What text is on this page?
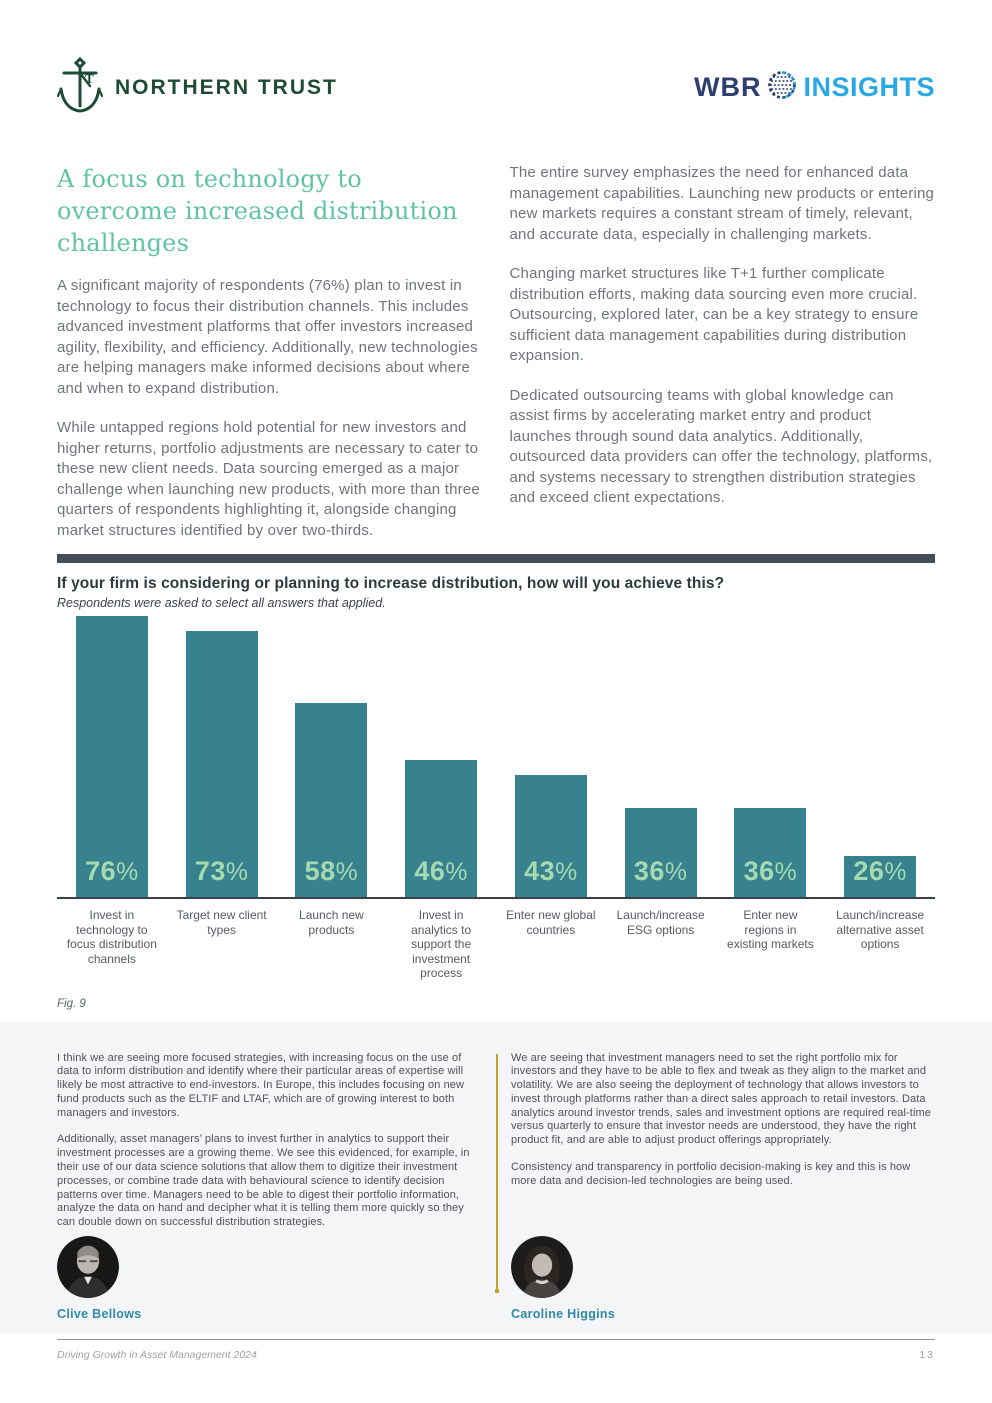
T NORTHERN TRUST	WBR INSIGHTS
A focus on technology to overcome increased distribution challenges

A significant majority of respondents (76%) plan to invest in technology to focus their distribution channels. This includes advanced investment platforms that offer investors increased agility, flexibility, and efficiency. Additionally, new technologies are helping managers make informed decisions about where and when to expand distribution.

While untapped regions hold potential for new investors and higher returns, portfolio adjustments are necessary to cater to these new client needs. Data sourcing emerged as a major challenge when launching new products, with more than three quarters of respondents highlighting it, alongside changing market structures identified by over two-thirds.

The entire survey emphasizes the need for enhanced data management capabilities. Launching new products or entering new markets requires a constant stream of timely, relevant, and accurate data, especially in challenging markets.

Changing market structures like T+1 further complicate distribution efforts, making data sourcing even more crucial. Outsourcing, explored later, can be a key strategy to ensure sufficient data management capabilities during distribution expansion.

Dedicated outsourcing teams with global knowledge can assist firms by accelerating market entry and product launches through sound data analytics. Additionally, outsourced data providers can offer the technology, platforms, and systems necessary to strengthen distribution strategies and exceed client expectations.

If your firm is considering or planning to increase distribution, how will you achieve this?

Respondents were asked to select all answers that applied.

76% 73% 58% 46% 43% 36% 36% 26%
Invest in technology to focus distribution channels
Target new client types
Launch new products
Invest in analytics to support the investment process
Enter new global countries
Launch/increase ESG options
Enter new regions in existing markets
Launch/increase alternative asset options
Fig. 9

I think we are seeing more focused strategies, with increasing focus on the use of data to inform distribution and identify where their particular areas of expertise will likely be most attractive to end-investors. In Europe, this includes focusing on new fund products such as the ELTIF and LTAF, which are of growing interest to both managers and investors.

Additionally, asset managers’ plans to invest further in analytics to support their investment processes are a growing theme. We see this evidenced, for example, in their use of our data science solutions that allow them to digitize their investment processes, or combine trade data with behavioural science to identify decision patterns over time. Managers need to be able to digest their portfolio information, analyze the data on hand and decipher what it is telling them more quickly so they can double down on successful distribution strategies.

Clive Bellows

We are seeing that investment managers need to set the right portfolio mix for investors and they have to be able to flex and tweak as they align to the market and volatility. We are also seeing the deployment of technology that allows investors to invest through platforms rather than a direct sales approach to retail investors. Data analytics around investor trends, sales and investment options are required real-time versus quarterly to ensure that investor needs are understood, they have the right product fit, and are able to adjust product offerings appropriately.

Consistency and transparency in portfolio decision-making is key and this is how more data and decision-led technologies are being used.

Caroline Higgins
Driving Growth in Asset Management 2024	13
